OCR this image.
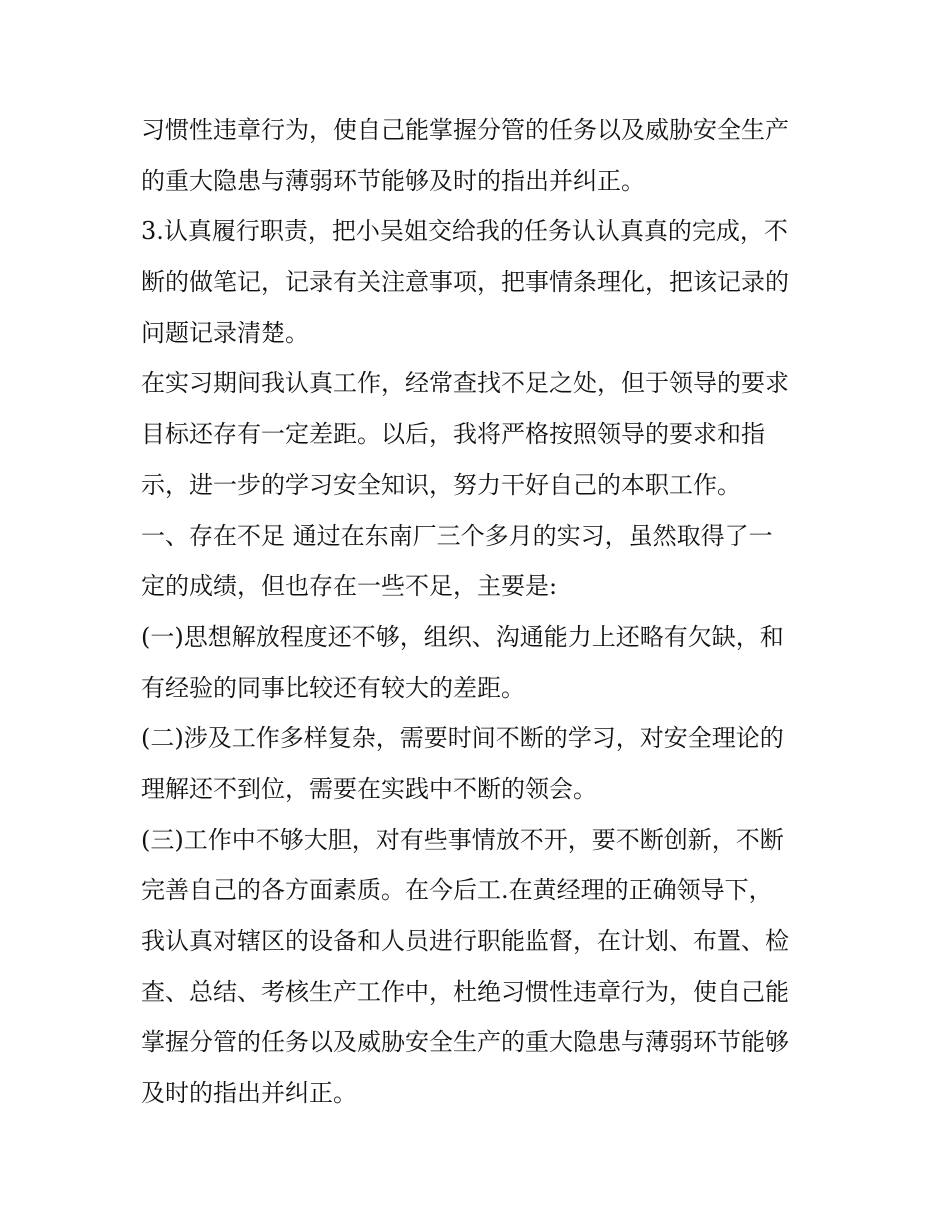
习惯性违章行为，使自己能掌握分管的任务以及威胁安全生产
的重大隐患与薄弱环节能够及时的指出并纠正。
3.认真履行职责，把小吴姐交给我的任务认认真真的完成，不
断的做笔记，记录有关注意事项，把事情条理化，把该记录的
问题记录清楚。
在实习期间我认真工作，经常查找不足之处，但于领导的要求
目标还存有一定差距。以后，我将严格按照领导的要求和指
示，进一步的学习安全知识，努力干好自己的本职工作。
一、存在不足 通过在东南厂三个多月的实习，虽然取得了一
定的成绩，但也存在一些不足，主要是:
(一)思想解放程度还不够，组织、沟通能力上还略有欠缺，和
有经验的同事比较还有较大的差距。
(二)涉及工作多样复杂，需要时间不断的学习，对安全理论的
理解还不到位，需要在实践中不断的领会。
(三)工作中不够大胆，对有些事情放不开，要不断创新，不断
完善自己的各方面素质。在今后工.在黄经理的正确领导下，
我认真对辖区的设备和人员进行职能监督，在计划、布置、检
查、总结、考核生产工作中，杜绝习惯性违章行为，使自己能
掌握分管的任务以及威胁安全生产的重大隐患与薄弱环节能够
及时的指出并纠正。
